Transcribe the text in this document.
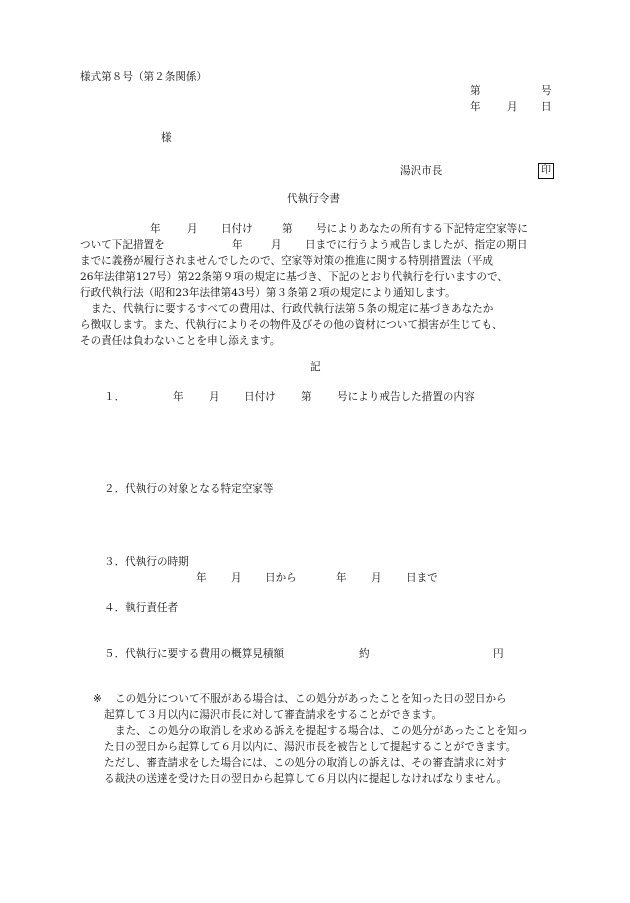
様式第８号（第２条関係）
第	号
年 月 日
様
湯沢市長	印
代執行令書
年 月 日付け	第 号によりあなたの所有する下記特定空家等に
ついて下記措置を	年	月 日までに行うよう戒告しましたが、指定の期日
までに義務が履行されませんでしたので、空家等対策の推進に関する特別措置法（平成
26年法律第127号）第22条第９項の規定に基づき、下記のとおり代執行を行いますので、
行政代執行法（昭和23年法律第43号）第３条第２項の規定により通知します。
また、代執行に要するすべての費用は、行政代執行法第５条の規定に基づきあなたか
ら徴収します。また、代執行によりその物件及びその他の資材について損害が生じても、
その責任は負わないことを申し添えます。
記
１．	年 月 日付け 第 号により戒告した措置の内容
２．代執行の対象となる特定空家等
３．代執行の時期
年 月 日から	年 月 日まで
４．執行責任者
５．代執行に要する費用の概算見積額	約	円
※ この処分について不服がある場合は、この処分があったことを知った日の翌日から
起算して３月以内に湯沢市長に対して審査請求をすることができます。
また、この処分の取消しを求める訴えを提起する場合は、この処分があったことを知っ
た日の翌日から起算して６月以内に、湯沢市長を被告として提起することができます。
ただし、審査請求をした場合には、この処分の取消しの訴えは、その審査請求に対す
る裁決の送達を受けた日の翌日から起算して６月以内に提起しなければなりません。
